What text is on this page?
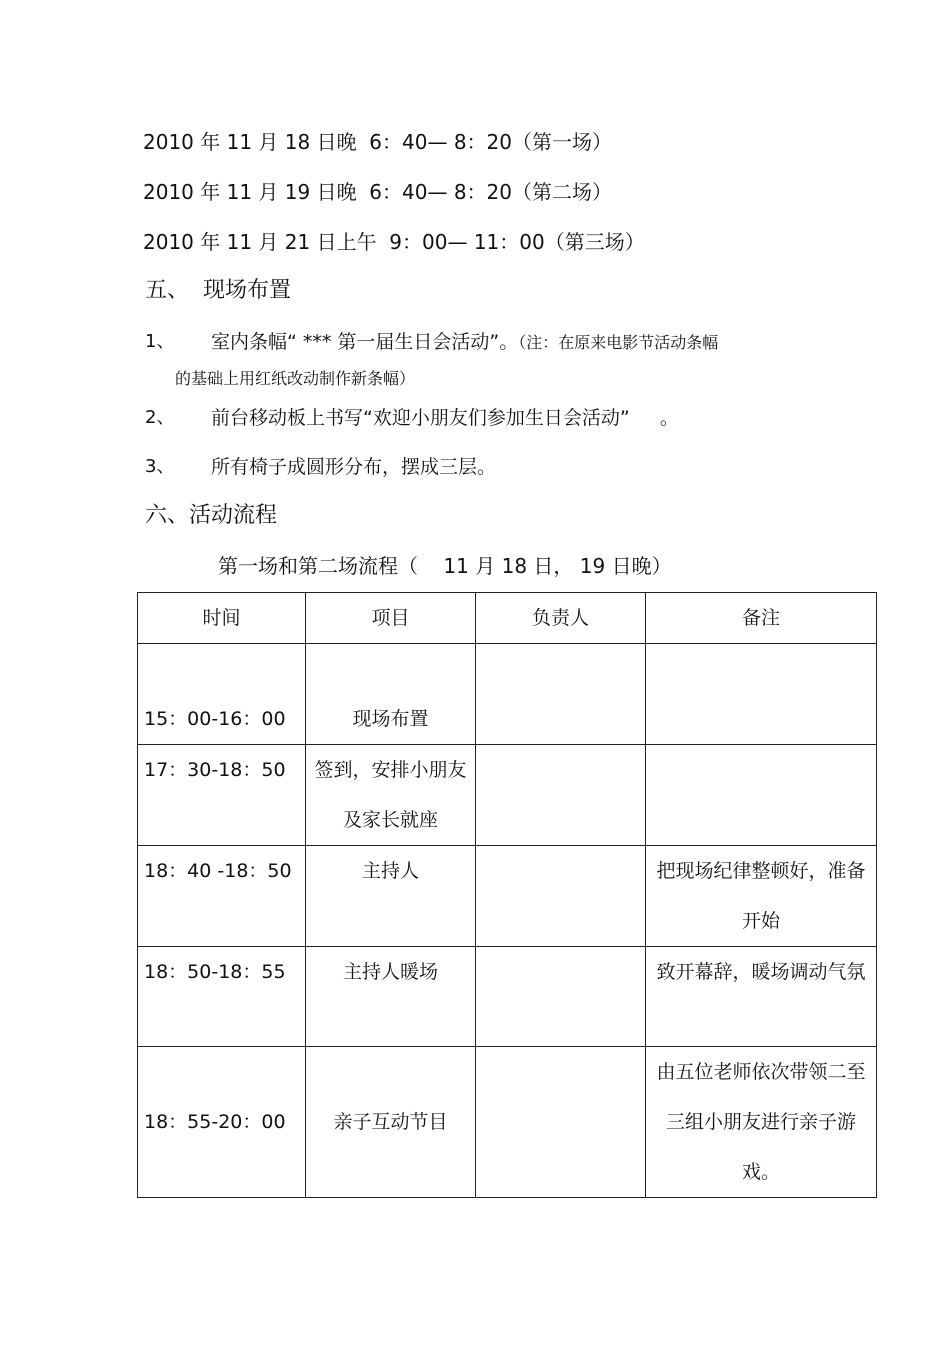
2010 年 11 月 18 日晚  6：40— 8：20（第一场）
2010 年 11 月 19 日晚  6：40— 8：20（第二场）
2010 年 11 月 21 日上午  9：00— 11：00（第三场）
五、  现场布置
1、 室内条幅“ *** 第一届生日会活动”。（注：在原来电影节活动条幅
的基础上用红纸改动制作新条幅）
2、 前台移动板上书写“欢迎小朋友们参加生日会活动”     。
3、 所有椅子成圆形分布，摆成三层。
六、活动流程
第一场和第二场流程（    11 月 18 日， 19 日晚）
时间	项目	负责人	备注
15：00-16：00	现场布置		
17：30-18：50	签到，安排小朋友及家长就座		
18：40 -18：50	主持人		把现场纪律整顿好，准备开始
18：50-18：55	主持人暖场		致开幕辞，暖场调动气氛
18：55-20：00	亲子互动节目		由五位老师依次带领二至三组小朋友进行亲子游戏。
